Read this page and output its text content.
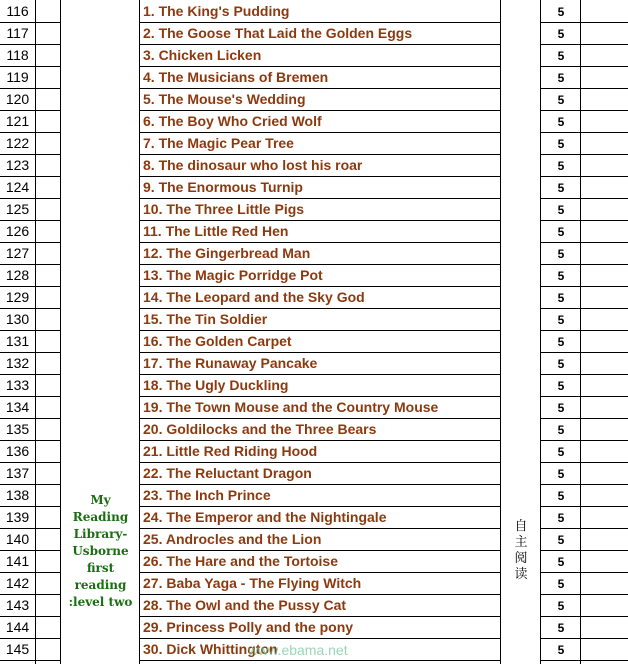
116	1. The King's Pudding	5
117	2. The Goose That Laid the Golden Eggs	5
118	3. Chicken Licken	5
119	4. The Musicians of Bremen	5
120	5. The Mouse's Wedding	5
121	6. The Boy Who Cried Wolf	5
122	7. The Magic Pear Tree	5
123	8. The dinosaur who lost his roar	5
124	9. The Enormous Turnip	5
125	10. The Three Little Pigs	5
126	11. The Little Red Hen	5
127	12. The Gingerbread Man	5
128	13. The Magic Porridge Pot	5
129	14. The Leopard and the Sky God	5
130	15. The Tin Soldier	5
131	16. The Golden Carpet	5
132	17. The Runaway Pancake	5
133	18. The Ugly Duckling	5
134	19. The Town Mouse and the Country Mouse	5
135	20. Goldilocks and the Three Bears	5
136	21. Little Red Riding Hood	5
137	22. The Reluctant Dragon	5
138	23. The Inch Prince	5
139	24. The Emperor and the Nightingale	5
140	25. Androcles and the Lion	5
141	26. The Hare and the Tortoise	5
142	27. Baba Yaga - The Flying Witch	5
143	28. The Owl and the Pussy Cat	5
144	29. Princess Polly and the pony	5
145	30. Dick Whittington	5
My
Reading
Library-
Usborne
first
reading
:level two
自
主
阅
读
www.ebama.net
